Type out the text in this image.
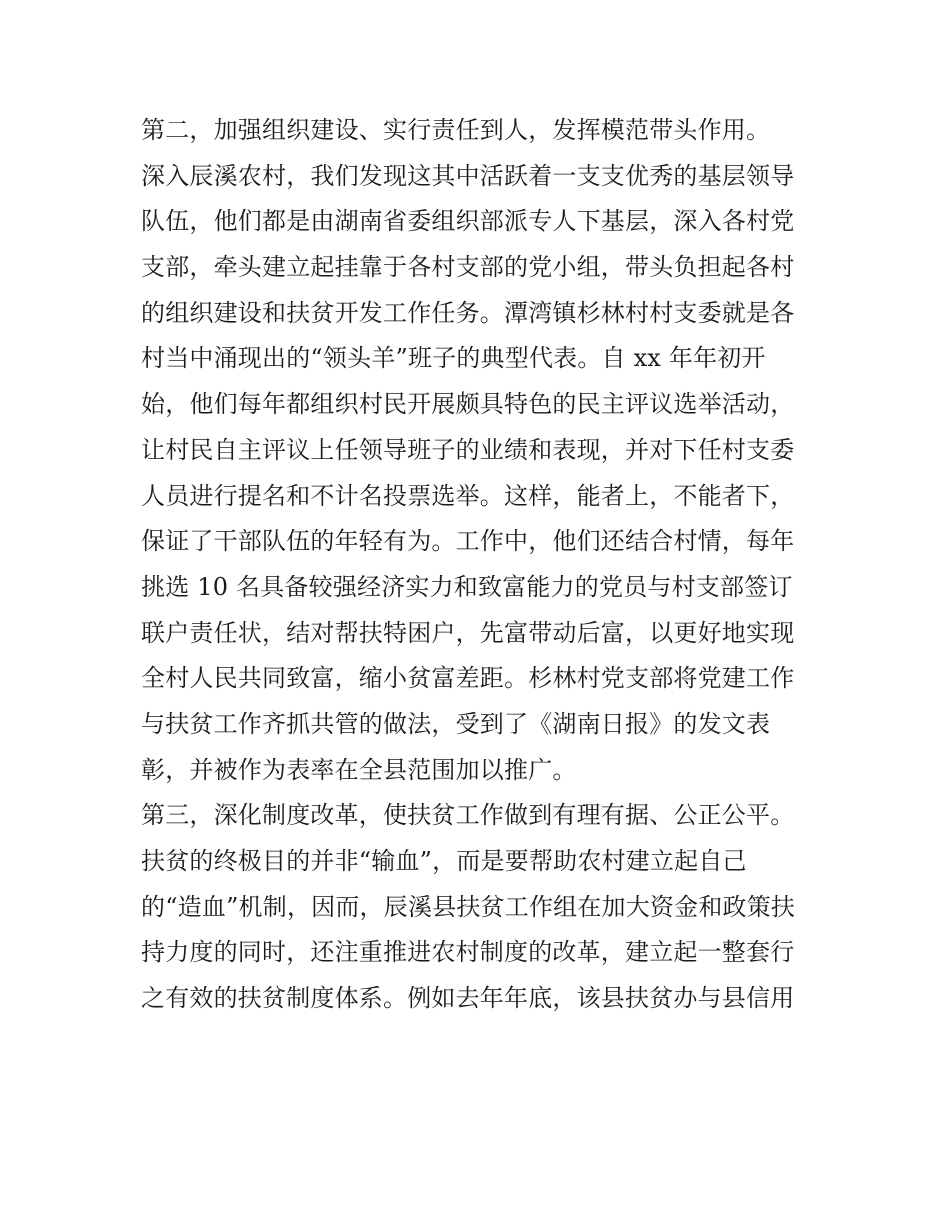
第二，加强组织建设、实行责任到人，发挥模范带头作用。
深入辰溪农村，我们发现这其中活跃着一支支优秀的基层领导
队伍，他们都是由湖南省委组织部派专人下基层，深入各村党
支部，牵头建立起挂靠于各村支部的党小组，带头负担起各村
的组织建设和扶贫开发工作任务。潭湾镇杉林村村支委就是各
村当中涌现出的“领头羊”班子的典型代表。自 xx 年年初开
始，他们每年都组织村民开展颇具特色的民主评议选举活动，
让村民自主评议上任领导班子的业绩和表现，并对下任村支委
人员进行提名和不计名投票选举。这样，能者上，不能者下，
保证了干部队伍的年轻有为。工作中，他们还结合村情，每年
挑选 10 名具备较强经济实力和致富能力的党员与村支部签订
联户责任状，结对帮扶特困户，先富带动后富，以更好地实现
全村人民共同致富，缩小贫富差距。杉林村党支部将党建工作
与扶贫工作齐抓共管的做法，受到了《湖南日报》的发文表
彰，并被作为表率在全县范围加以推广。
第三，深化制度改革，使扶贫工作做到有理有据、公正公平。
扶贫的终极目的并非“输血”，而是要帮助农村建立起自己
的“造血”机制，因而，辰溪县扶贫工作组在加大资金和政策扶
持力度的同时，还注重推进农村制度的改革，建立起一整套行
之有效的扶贫制度体系。例如去年年底，该县扶贫办与县信用
